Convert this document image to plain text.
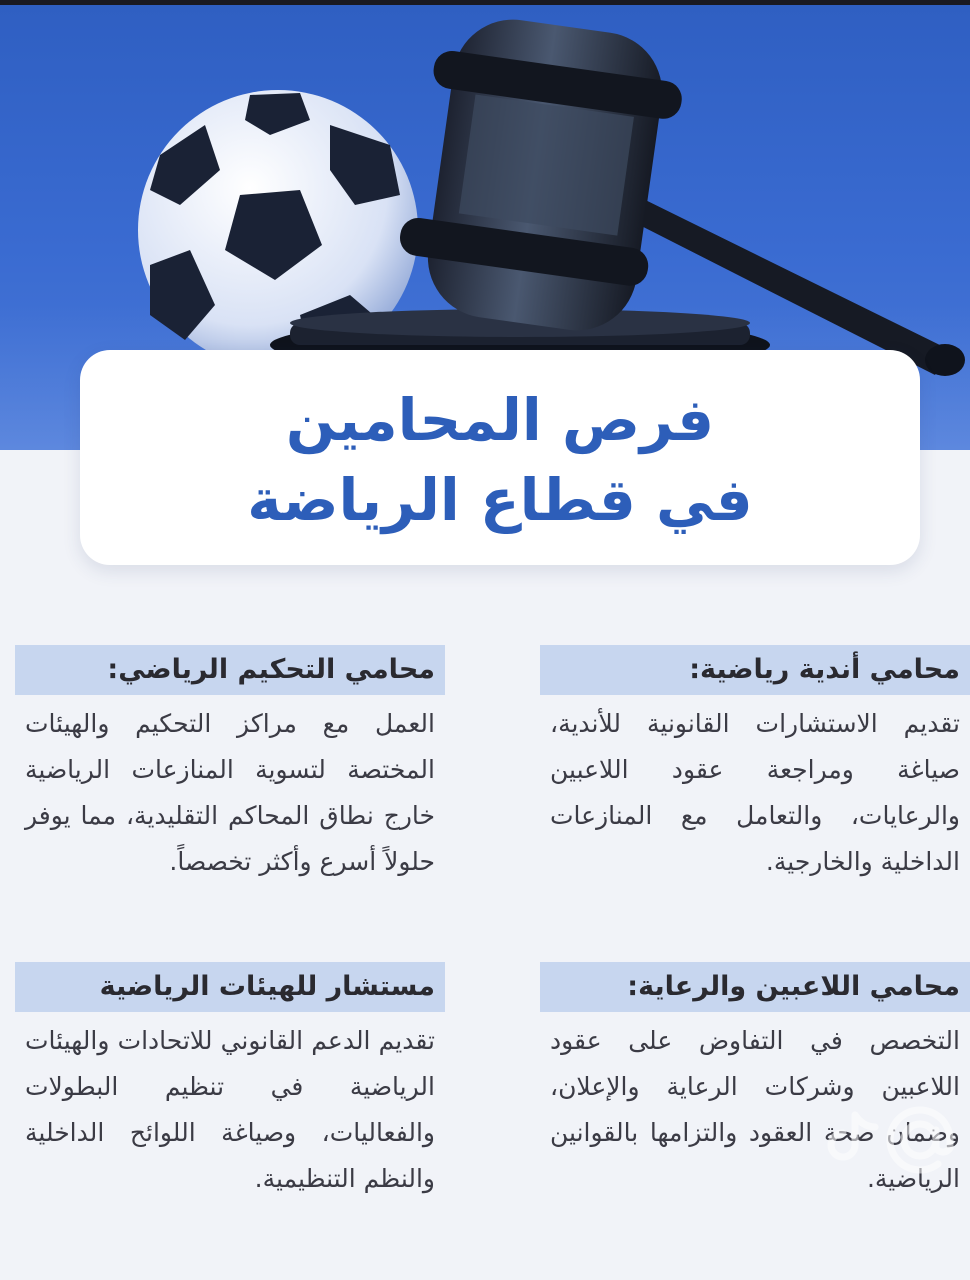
فرص المحامين
في قطاع الرياضة
محامي أندية رياضية:
تقديم الاستشارات القانونية للأندية، صياغة ومراجعة عقود اللاعبين والرعايات، والتعامل مع المنازعات الداخلية والخارجية.
محامي التحكيم الرياضي:
العمل مع مراكز التحكيم والهيئات المختصة لتسوية المنازعات الرياضية خارج نطاق المحاكم التقليدية، مما يوفر حلولاً أسرع وأكثر تخصصاً.
محامي اللاعبين والرعاية:
التخصص في التفاوض على عقود اللاعبين وشركات الرعاية والإعلان، وضمان صحة العقود والتزامها بالقوانين الرياضية.
مستشار للهيئات الرياضية
تقديم الدعم القانوني للاتحادات والهيئات الرياضية في تنظيم البطولات والفعاليات، وصياغة اللوائح الداخلية والنظم التنظيمية.
